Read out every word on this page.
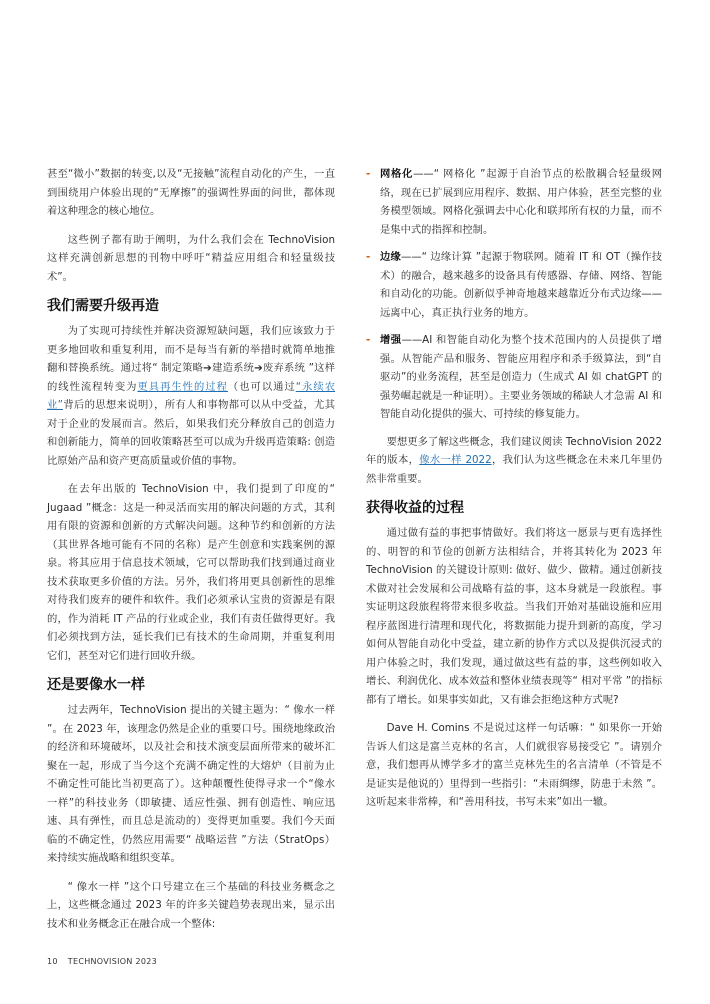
甚至“微小”数据的转变,以及“无接触”流程自动化的产生，一直到围绕用户体验出现的“无摩擦”的强调性界面的问世，都体现着这种理念的核心地位。

这些例子都有助于阐明，为什么我们会在 TechnoVision 这样充满创新思想的刊物中呼吁“精益应用组合和轻量级技术”。

我们需要升级再造

为了实现可持续性并解决资源短缺问题，我们应该致力于更多地回收和重复利用，而不是每当有新的举措时就简单地推翻和替换系统。通过将“ 制定策略➔建造系统➔废弃系统 ”这样的线性流程转变为更具再生性的过程（也可以通过“永续农业”背后的思想来说明），所有人和事物都可以从中受益，尤其对于企业的发展而言。然后，如果我们充分释放自己的创造力和创新能力，简单的回收策略甚至可以成为升级再造策略: 创造比原始产品和资产更高质量或价值的事物。

在去年出版的 TechnoVision 中，我们提到了印度的“ Jugaad ”概念：这是一种灵活而实用的解决问题的方式，其利用有限的资源和创新的方式解决问题。这种节约和创新的方法（其世界各地可能有不同的名称）是产生创意和实践案例的源泉。将其应用于信息技术领域，它可以帮助我们找到通过商业技术获取更多价值的方法。另外，我们将用更具创新性的思维对待我们废弃的硬件和软件。我们必须承认宝贵的资源是有限的，作为消耗 IT 产品的行业或企业，我们有责任做得更好。我们必须找到方法，延长我们已有技术的生命周期，并重复利用它们，甚至对它们进行回收升级。

还是要像水一样

过去两年，TechnoVision 提出的关键主题为：“ 像水一样 ”。在 2023 年，该理念仍然是企业的重要口号。围绕地缘政治的经济和环境破坏，以及社会和技术演变层面所带来的破坏汇聚在一起，形成了当今这个充满不确定性的大熔炉（目前为止不确定性可能比当初更高了）。这种颠覆性使得寻求一个“像水一样”的科技业务（即敏捷、适应性强、拥有创造性、响应迅速、具有弹性，而且总是流动的）变得更加重要。我们今天面临的不确定性，仍然应用需要“ 战略运营 ”方法（StratOps）来持续实施战略和组织变革。

“ 像水一样 ”这个口号建立在三个基础的科技业务概念之上，这些概念通过 2023 年的许多关键趋势表现出来，显示出技术和业务概念正在融合成一个整体:

- 网格化——“ 网格化 ”起源于自治节点的松散耦合轻量级网络，现在已扩展到应用程序、数据、用户体验，甚至完整的业务模型领域。网格化强调去中心化和联邦所有权的力量，而不是集中式的指挥和控制。
- 边缘——“ 边缘计算 ”起源于物联网。随着 IT 和 OT（操作技术）的融合，越来越多的设备具有传感器、存储、网络、智能和自动化的功能。创新似乎神奇地越来越靠近分布式边缘——远离中心，真正执行业务的地方。
- 增强——AI 和智能自动化为整个技术范围内的人员提供了增强。从智能产品和服务、智能应用程序和杀手级算法，到“自驱动”的业务流程，甚至是创造力（生成式 AI 如 chatGPT 的强势崛起就是一种证明）。主要业务领域的稀缺人才急需 AI 和智能自动化提供的强大、可持续的修复能力。

要想更多了解这些概念，我们建议阅读 TechnoVision 2022 年的版本，像水一样 2022，我们认为这些概念在未来几年里仍然非常重要。

获得收益的过程

通过做有益的事把事情做好。我们将这一愿景与更有选择性的、明智的和节俭的创新方法相结合，并将其转化为 2023 年 TechnoVision 的关键设计原则: 做好、做少、做精。通过创新技术做对社会发展和公司战略有益的事，这本身就是一段旅程。事实证明这段旅程将带来很多收益。当我们开始对基础设施和应用程序蓝图进行清理和现代化，将数据能力提升到新的高度，学习如何从智能自动化中受益，建立新的协作方式以及提供沉浸式的用户体验之时，我们发现，通过做这些有益的事，这些例如收入增长、利润优化、成本效益和整体业绩表现等“ 相对平常 ”的指标都有了增长。如果事实如此，又有谁会拒绝这种方式呢?

Dave H. Comins 不是说过这样一句话嘛：“ 如果你一开始告诉人们这是富兰克林的名言，人们就很容易接受它 ”。请别介意，我们想再从博学多才的富兰克林先生的名言清单（不管是不是证实是他说的）里得到一些指引：“未雨绸缪，防患于未然 ”。这听起来非常棒，和“善用科技，书写未来”如出一辙。

10 TECHNOVISION 2023
